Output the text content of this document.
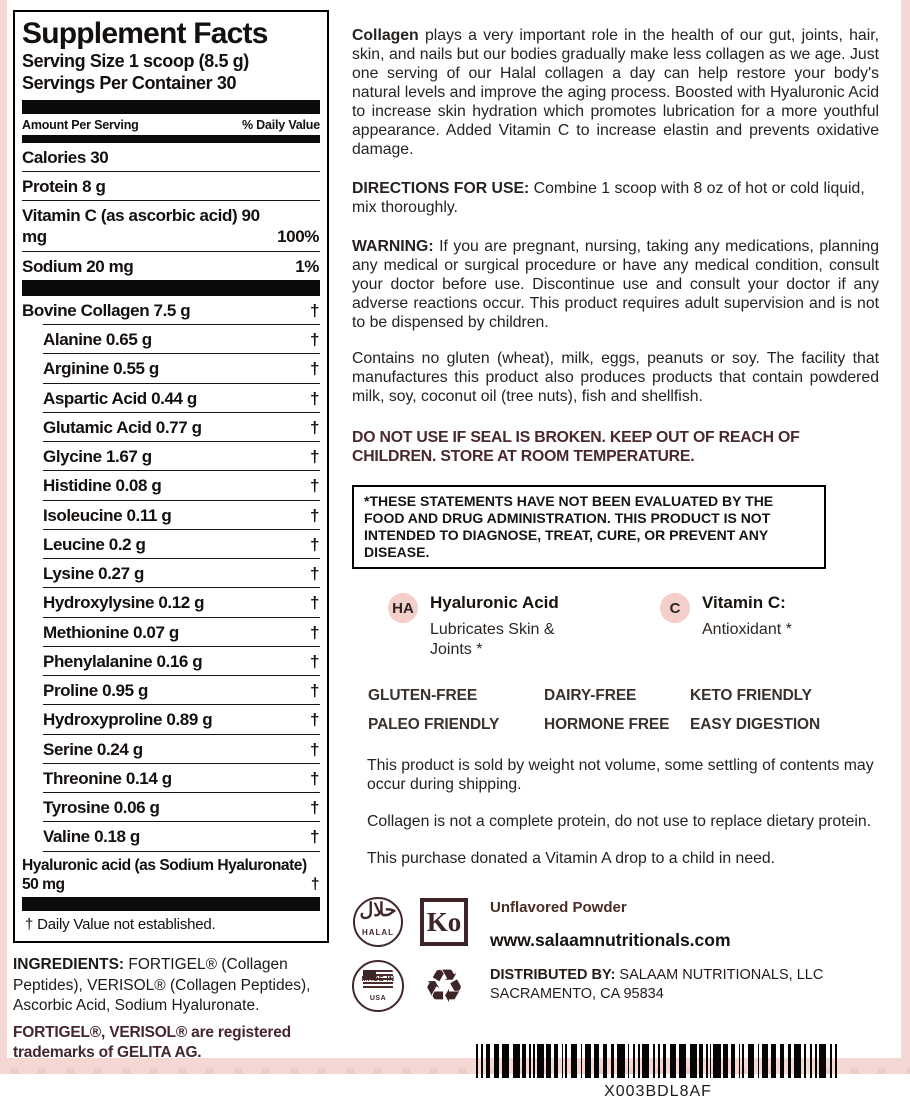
Supplement Facts
Serving Size 1 scoop (8.5 g)
Servings Per Container 30
Amount Per Serving	% Daily Value
Calories 30
Protein 8 g
Vitamin C (as ascorbic acid) 90 mg	100%
Sodium 20 mg	1%
Bovine Collagen 7.5 g	†
Alanine 0.65 g	†
Arginine 0.55 g	†
Aspartic Acid 0.44 g	†
Glutamic Acid 0.77 g	†
Glycine 1.67 g	†
Histidine 0.08 g	†
Isoleucine 0.11 g	†
Leucine 0.2 g	†
Lysine 0.27 g	†
Hydroxylysine 0.12 g	†
Methionine 0.07 g	†
Phenylalanine 0.16 g	†
Proline 0.95 g	†
Hydroxyproline 0.89 g	†
Serine 0.24 g	†
Threonine 0.14 g	†
Tyrosine 0.06 g	†
Valine 0.18 g	†
Hyaluronic acid (as Sodium Hyaluronate) 50 mg	†
† Daily Value not established.

INGREDIENTS: FORTIGEL® (Collagen Peptides), VERISOL® (Collagen Peptides), Ascorbic Acid, Sodium Hyaluronate.

FORTIGEL®, VERISOL® are registered trademarks of GELITA AG.

Collagen plays a very important role in the health of our gut, joints, hair, skin, and nails but our bodies gradually make less collagen as we age. Just one serving of our Halal collagen a day can help restore your body's natural levels and improve the aging process. Boosted with Hyaluronic Acid to increase skin hydration which promotes lubrication for a more youthful appearance. Added Vitamin C to increase elastin and prevents oxidative damage.

DIRECTIONS FOR USE: Combine 1 scoop with 8 oz of hot or cold liquid, mix thoroughly.

WARNING: If you are pregnant, nursing, taking any medications, planning any medical or surgical procedure or have any medical condition, consult your doctor before use. Discontinue use and consult your doctor if any adverse reactions occur. This product requires adult supervision and is not to be dispensed by children.

Contains no gluten (wheat), milk, eggs, peanuts or soy. The facility that manufactures this product also produces products that contain powdered milk, soy, coconut oil (tree nuts), fish and shellfish.

DO NOT USE IF SEAL IS BROKEN. KEEP OUT OF REACH OF CHILDREN. STORE AT ROOM TEMPERATURE.

*THESE STATEMENTS HAVE NOT BEEN EVALUATED BY THE FOOD AND DRUG ADMINISTRATION. THIS PRODUCT IS NOT INTENDED TO DIAGNOSE, TREAT, CURE, OR PREVENT ANY DISEASE.
HA Hyaluronic Acid
Lubricates Skin & Joints *
C	Vitamin C:
Antioxidant *
GLUTEN-FREE	DAIRY-FREE	KETO FRIENDLY
PALEO FRIENDLY	HORMONE FREE	EASY DIGESTION

This product is sold by weight not volume, some settling of contents may occur during shipping.

Collagen is not a complete protein, do not use to replace dietary protein.

This purchase donated a Vitamin A drop to a child in need.

حلال
HALAL Ko
MADE IN USA ♻
Unflavored Powder
www.salaamnutritionals.com
DISTRIBUTED BY: SALAAM NUTRITIONALS, LLC
SACRAMENTO, CA 95834
X003BDL8AF
